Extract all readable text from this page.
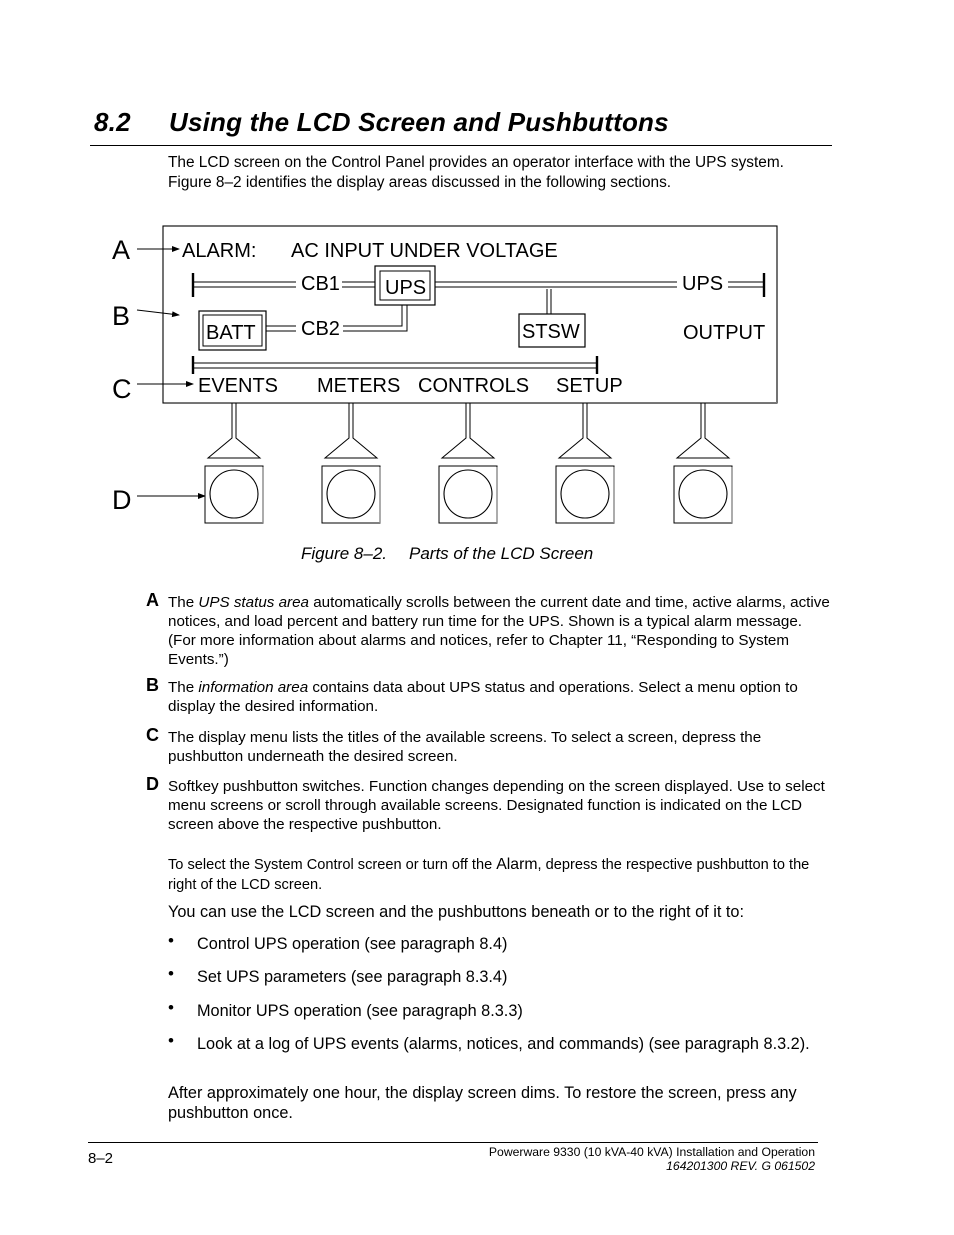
8.2 Using the LCD Screen and Pushbuttons
The LCD screen on the Control Panel provides an operator interface with the UPS system. Figure 8–2 identifies the display areas discussed in the following sections.
A
B
C
D
ALARM: AC INPUT UNDER VOLTAGE
CB1 UPS	UPS
STSW	OUTPUT
BATT CB2
EVENTS METERS CONTROLS SETUP
Figure 8–2. Parts of the LCD Screen
A The UPS status area automatically scrolls between the current date and time, active alarms, active notices, and load percent and battery run time for the UPS. Shown is a typical alarm message. (For more information about alarms and notices, refer to Chapter 11, “Responding to System Events.”)
B The information area contains data about UPS status and operations. Select a menu option to display the desired information.
C The display menu lists the titles of the available screens. To select a screen, depress the pushbutton underneath the desired screen.
D Softkey pushbutton switches. Function changes depending on the screen displayed. Use to select menu screens or scroll through available screens. Designated function is indicated on the LCD screen above the respective pushbutton.
To select the System Control screen or turn off the Alarm, depress the respective pushbutton to the right of the LCD screen.
You can use the LCD screen and the pushbuttons beneath or to the right of it to:
• Control UPS operation (see paragraph 8.4)
• Set UPS parameters (see paragraph 8.3.4)
• Monitor UPS operation (see paragraph 8.3.3)
• Look at a log of UPS events (alarms, notices, and commands) (see paragraph 8.3.2).
After approximately one hour, the display screen dims. To restore the screen, press any pushbutton once.
8–2	Powerware 9330 (10 kVA‑40 kVA) Installation and Operation
164201300 REV. G 061502
